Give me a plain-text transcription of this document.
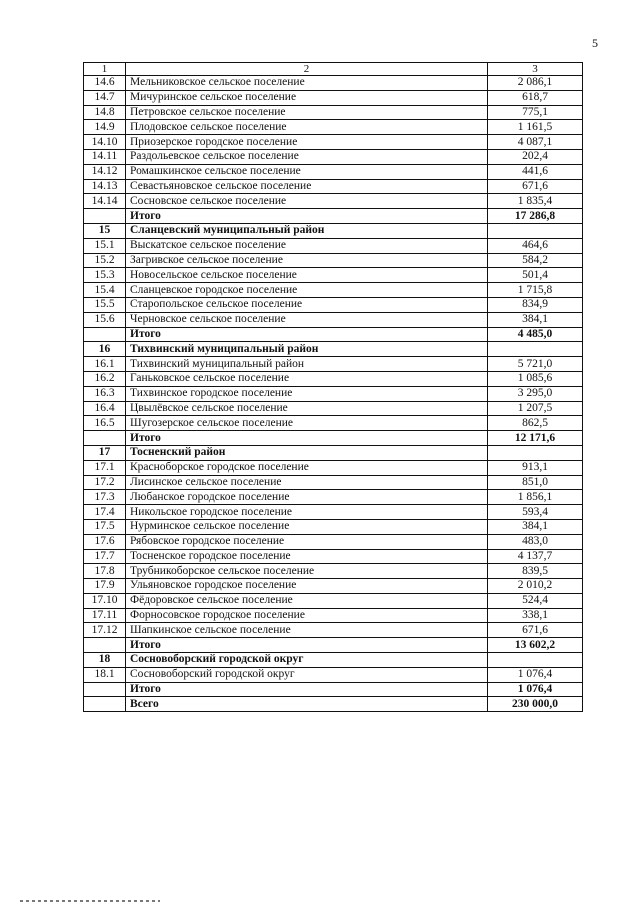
5
1	2	3
14.6	Мельниковское сельское поселение	2 086,1
14.7	Мичуринское сельское поселение	618,7
14.8	Петровское сельское поселение	775,1
14.9	Плодовское сельское поселение	1 161,5
14.10	Приозерское городское поселение	4 087,1
14.11	Раздольевское сельское поселение	202,4
14.12	Ромашкинское сельское поселение	441,6
14.13	Севастьяновское сельское поселение	671,6
14.14	Сосновское сельское поселение	1 835,4
	Итого	17 286,8
15	Сланцевский муниципальный район	
15.1	Выскатское сельское поселение	464,6
15.2	Загривское сельское поселение	584,2
15.3	Новосельское сельское поселение	501,4
15.4	Сланцевское городское поселение	1 715,8
15.5	Старопольское сельское поселение	834,9
15.6	Черновское сельское поселение	384,1
	Итого	4 485,0
16	Тихвинский муниципальный район	
16.1	Тихвинский муниципальный район	5 721,0
16.2	Ганьковское сельское поселение	1 085,6
16.3	Тихвинское городское поселение	3 295,0
16.4	Цвылёвское сельское поселение	1 207,5
16.5	Шугозерское сельское поселение	862,5
	Итого	12 171,6
17	Тосненский район	
17.1	Красноборское городское поселение	913,1
17.2	Лисинское сельское поселение	851,0
17.3	Любанское городское поселение	1 856,1
17.4	Никольское городское поселение	593,4
17.5	Нурминское сельское поселение	384,1
17.6	Рябовское городское поселение	483,0
17.7	Тосненское городское поселение	4 137,7
17.8	Трубникоборское сельское поселение	839,5
17.9	Ульяновское городское поселение	2 010,2
17.10	Фёдоровское сельское поселение	524,4
17.11	Форносовское городское поселение	338,1
17.12	Шапкинское сельское поселение	671,6
	Итого	13 602,2
18	Сосновоборский городской округ	
18.1	Сосновоборский городской округ	1 076,4
	Итого	1 076,4
	Всего	230 000,0
